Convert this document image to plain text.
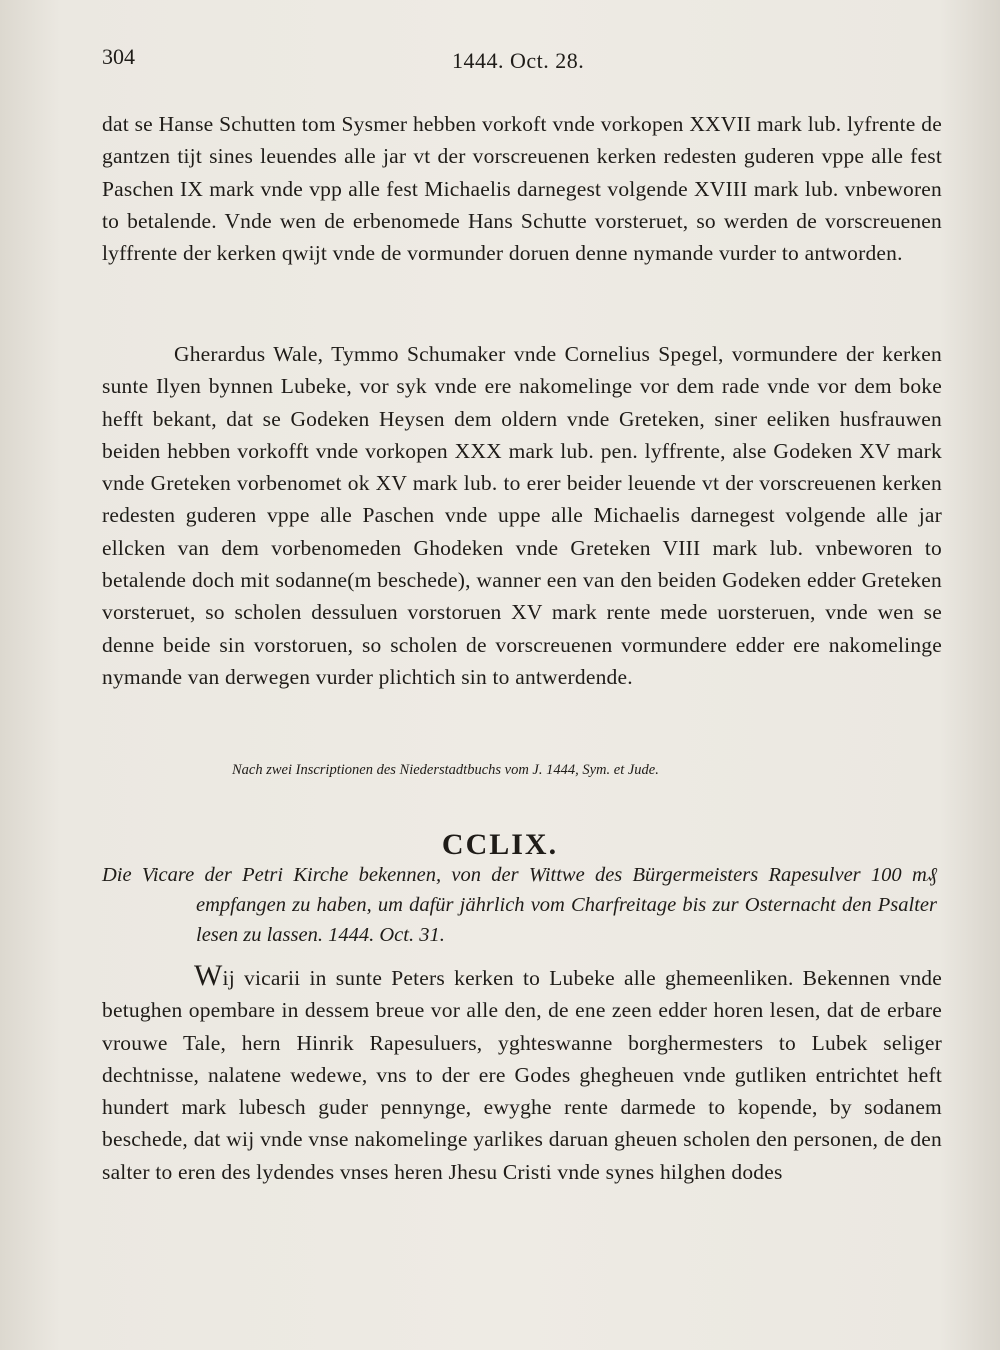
304	1444. Oct. 28.

dat se Hanse Schutten tom Sysmer hebben vorkoft vnde vorkopen XXVII mark lub. lyfrente de gantzen tijt sines leuendes alle jar vt der vorscreuenen kerken redesten guderen vppe alle fest Paschen IX mark vnde vpp alle fest Michaelis darnegest volgende XVIII mark lub. vnbeworen to betalende. Vnde wen de erbenomede Hans Schutte vorsteruet, so werden de vorscreuenen lyffrente der kerken qwijt vnde de vormunder doruen denne nymande vurder to antworden.

Gherardus Wale, Tymmo Schumaker vnde Cornelius Spegel, vormundere der kerken sunte Ilyen bynnen Lubeke, vor syk vnde ere nakomelinge vor dem rade vnde vor dem boke hefft bekant, dat se Godeken Heysen dem oldern vnde Greteken, siner eeliken husfrauwen beiden hebben vorkofft vnde vorkopen XXX mark lub. pen. lyffrente, alse Godeken XV mark vnde Greteken vorbenomet ok XV mark lub. to erer beider leuende vt der vorscreuenen kerken redesten guderen vppe alle Paschen vnde uppe alle Michaelis darnegest volgende alle jar ellcken van dem vorbenomeden Ghodeken vnde Greteken VIII mark lub. vnbeworen to betalende doch mit sodanne(m beschede), wanner een van den beiden Godeken edder Greteken vorsteruet, so scholen dessuluen vorstoruen XV mark rente mede uorsteruen, vnde wen se denne beide sin vorstoruen, so scholen de vorscreuenen vormundere edder ere nakomelinge nymande van derwegen vurder plichtich sin to antwerdende.

Nach zwei Inscriptionen des Niederstadtbuchs vom J. 1444, Sym. et Jude.
CCLIX.

Die Vicare der Petri Kirche bekennen, von der Wittwe des Bürgermeisters Rapesulver 100 m₰ empfangen zu haben, um dafür jährlich vom Charfreitage bis zur Osternacht den Psalter lesen zu lassen. 1444. Oct. 31.

Wij vicarii in sunte Peters kerken to Lubeke alle ghemeenliken. Bekennen vnde betughen opembare in dessem breue vor alle den, de ene zeen edder horen lesen, dat de erbare vrouwe Tale, hern Hinrik Rapesuluers, yghteswanne borghermesters to Lubek seliger dechtnisse, nalatene wedewe, vns to der ere Godes ghegheuen vnde gutliken entrichtet heft hundert mark lubesch guder pennynge, ewyghe rente darmede to kopende, by sodanem beschede, dat wij vnde vnse nakomelinge yarlikes daruan gheuen scholen den personen, de den salter to eren des lydendes vnses heren Jhesu Cristi vnde synes hilghen dodes
